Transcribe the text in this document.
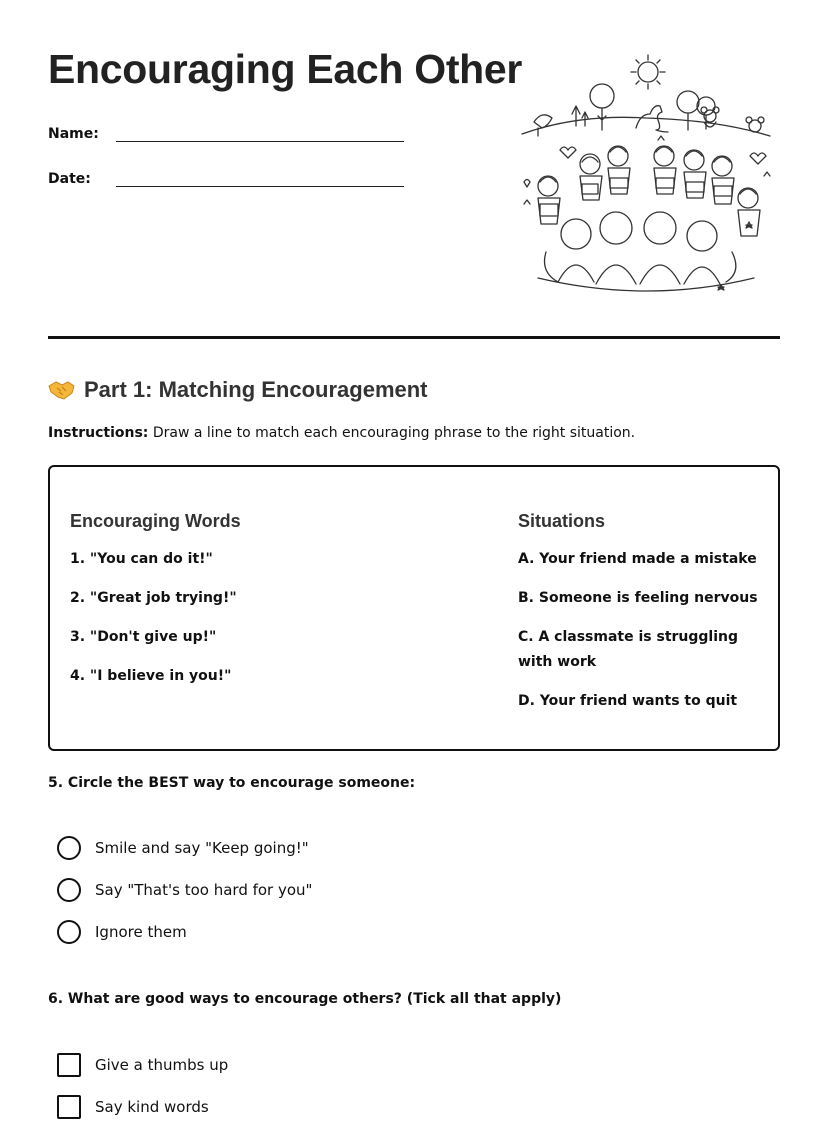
Encouraging Each Other
Name:
Date:
Part 1: Matching Encouragement
Instructions: Draw a line to match each encouraging phrase to the right situation.
Encouraging Words
1. "You can do it!"
2. "Great job trying!"
3. "Don't give up!"
4. "I believe in you!"
Situations
A. Your friend made a mistake
B. Someone is feeling nervous
C. A classmate is struggling with work
D. Your friend wants to quit
5. Circle the BEST way to encourage someone:
Smile and say "Keep going!"
Say "That's too hard for you"
Ignore them
6. What are good ways to encourage others? (Tick all that apply)
Give a thumbs up
Say kind words
